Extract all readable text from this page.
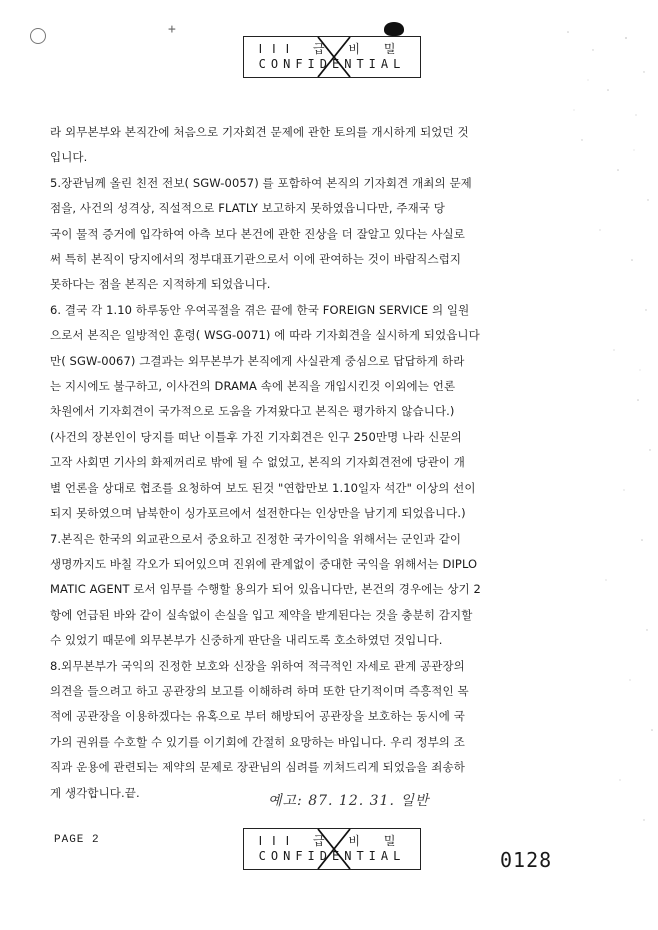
+
III 급 비 밀
CONFIDENTIAL

라 외무본부와 본직간에 처음으로 기자회견 문제에 관한 토의를 개시하게 되었던 것

입니다.

5.장관님께 올린 친전 전보( SGW-0057) 를 포함하여 본직의 기자회견 개최의 문제

점을, 사건의 성격상, 직설적으로 FLATLY 보고하지 못하였읍니다만, 주재국 당

국이 물적 증거에 입각하여 아측 보다 본건에 관한 진상을 더 잘알고 있다는 사실로

써 특히 본직이 당지에서의 정부대표기관으로서 이에 관여하는 것이 바람직스럽지

못하다는 점을 본직은 지적하게 되었읍니다.

6. 결국 각 1.10 하루동안 우여곡절을 겪은 끝에 한국 FOREIGN SERVICE 의 일원

으로서 본직은 일방적인 훈령( WSG-0071) 에 따라 기자회견을 실시하게 되었읍니다

만( SGW-0067) 그결과는 외무본부가 본직에게 사실관계 중심으로 답답하게 하라

는 지시에도 불구하고, 이사건의 DRAMA 속에 본직을 개입시킨것 이외에는 언론

차원에서 기자회견이 국가적으로 도움을 가져왔다고 본직은 평가하지 않습니다.)

(사건의 장본인이 당지를 떠난 이틀후 가진 기자회견은 인구 250만명 나라 신문의

고작 사회면 기사의 화제꺼리로 밖에 될 수 없었고, 본직의 기자회견전에 당관이 개

별 언론을 상대로 협조를 요청하여 보도 된것 "연합만보 1.10일자 석간" 이상의 선이

되지 못하였으며 남북한이 싱가포르에서 설전한다는 인상만을 남기게 되었읍니다.)

7.본직은 한국의 외교관으로서 중요하고 진정한 국가이익을 위해서는 군인과 같이

생명까지도 바칠 각오가 되어있으며 진위에 관계없이 중대한 국익을 위해서는 DIPLO

MATIC AGENT 로서 임무를 수행할 용의가 되어 있읍니다만, 본건의 경우에는 상기 2

항에 언급된 바와 같이 실속없이 손실을 입고 제약을 받게된다는 것을 충분히 감지할

수 있었기 때문에 외무본부가 신중하게 판단을 내리도록 호소하였던 것입니다.

8.외무본부가 국익의 진정한 보호와 신장을 위하여 적극적인 자세로 관계 공관장의

의견을 들으려고 하고 공관장의 보고를 이해하려 하며 또한 단기적이며 즉흥적인 목

적에 공관장을 이용하겠다는 유혹으로 부터 해방되어 공관장을 보호하는 동시에 국

가의 권위를 수호할 수 있기를 이기회에 간절히 요망하는 바입니다. 우리 정부의 조

직과 운용에 관련되는 제약의 문제로 장관님의 심려를 끼쳐드리게 되었음을 죄송하

게 생각합니다.끝.

예고: 87. 12. 31. 일반
PAGE 2	III 급 비 밀
CONFIDENTIAL	0128
